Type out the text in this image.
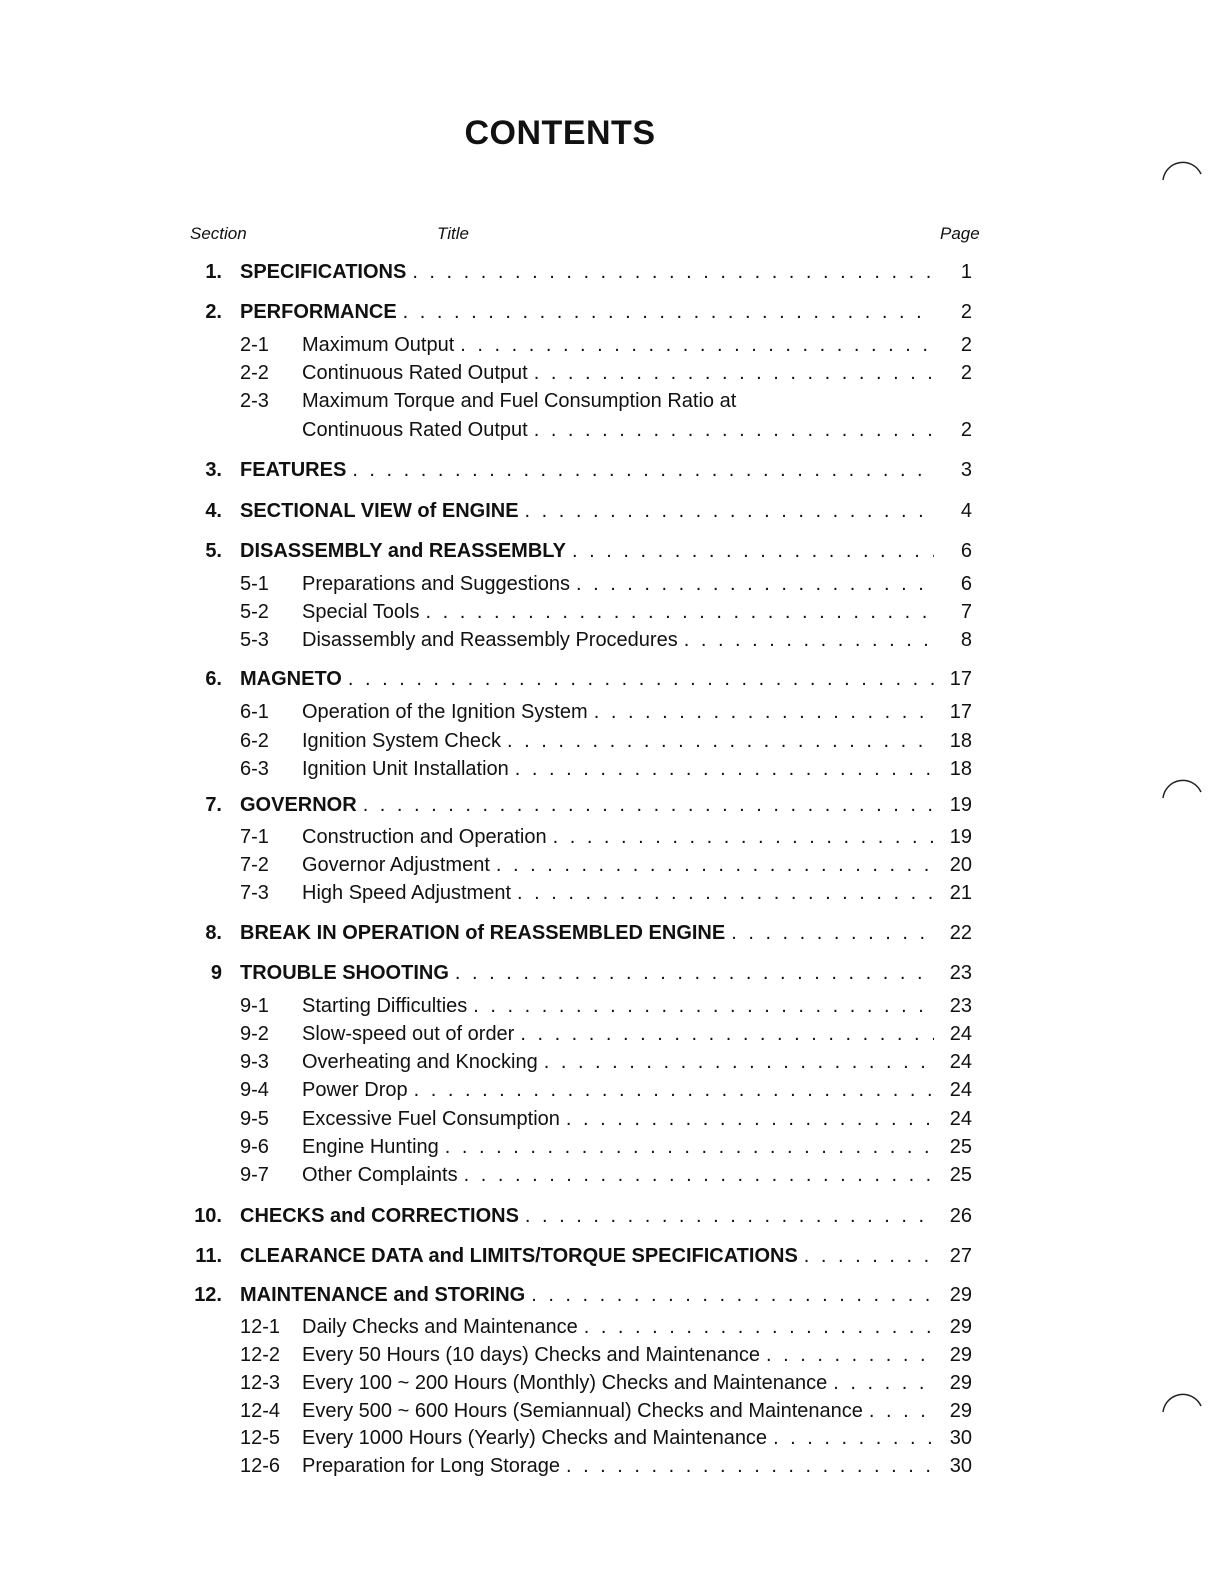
CONTENTS
Section	Title	Page
1. SPECIFICATIONS . . .	1
2. PERFORMANCE . . .	2
2-1 Maximum Output . . .	2
2-2 Continuous Rated Output . . .	2
2-3 Maximum Torque and Fuel Consumption Ratio at
Continuous Rated Output . . .	2
3. FEATURES . . .	3
4. SECTIONAL VIEW of ENGINE . . .	4
5. DISASSEMBLY and REASSEMBLY . . .	6
5-1 Preparations and Suggestions . . .	6
5-2 Special Tools . . .	7
5-3 Disassembly and Reassembly Procedures . . .	8
6. MAGNETO . . .	17
6-1 Operation of the Ignition System . . .	17
6-2 Ignition System Check . . .	18
6-3 Ignition Unit Installation . . .	18
7. GOVERNOR . . .	19
7-1 Construction and Operation . . .	19
7-2 Governor Adjustment . . .	20
7-3 High Speed Adjustment . . .	21
8. BREAK IN OPERATION of REASSEMBLED ENGINE . . .	22
9 TROUBLE SHOOTING . . .	23
9-1 Starting Difficulties . . .	23
9-2 Slow-speed out of order . . .	24
9-3 Overheating and Knocking . . .	24
9-4 Power Drop . . .	24
9-5 Excessive Fuel Consumption . . .	24
9-6 Engine Hunting . . .	25
9-7 Other Complaints . . .	25
10. CHECKS and CORRECTIONS . . .	26
11. CLEARANCE DATA and LIMITS/TORQUE SPECIFICATIONS . . .	27
12. MAINTENANCE and STORING . . .	29
12-1 Daily Checks and Maintenance . . .	29
12-2 Every 50 Hours (10 days) Checks and Maintenance . . .	29
12-3 Every 100 ~ 200 Hours (Monthly) Checks and Maintenance . . .	29
12-4 Every 500 ~ 600 Hours (Semiannual) Checks and Maintenance . . .	29
12-5 Every 1000 Hours (Yearly) Checks and Maintenance . . .	30
12-6 Preparation for Long Storage . . .	30
